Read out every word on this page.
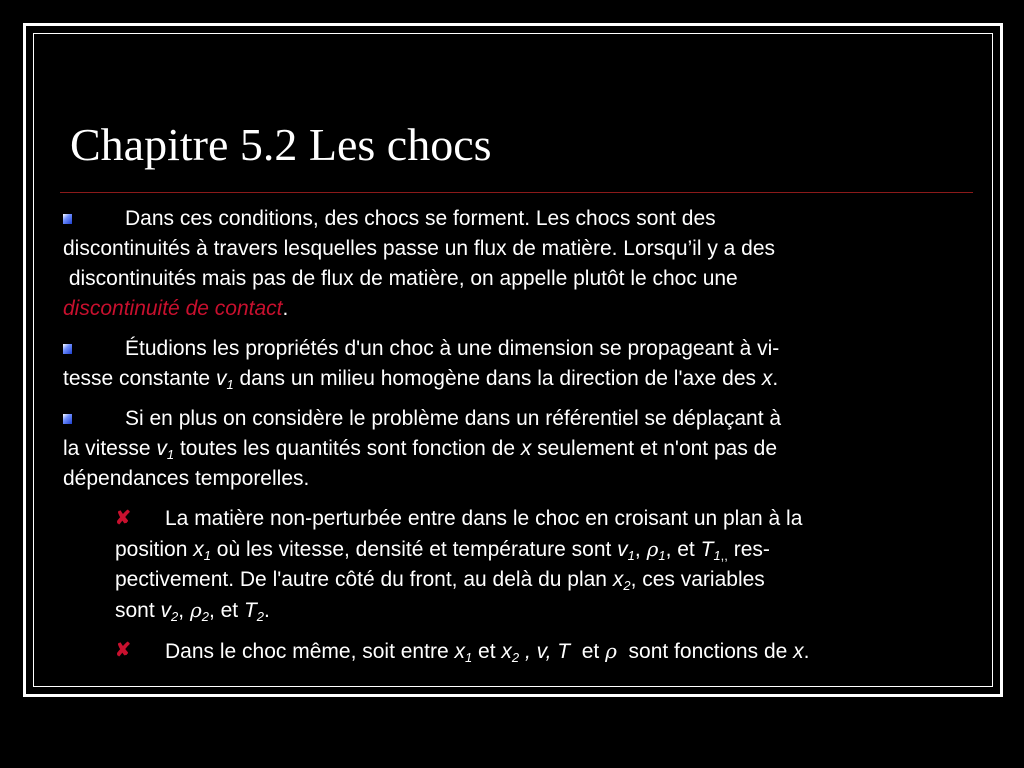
Chapitre 5.2 Les chocs
Dans ces conditions, des chocs se forment. Les chocs sont des
discontinuités à travers lesquelles passe un flux de matière. Lorsqu’il y a des
discontinuités mais pas de flux de matière, on appelle plutôt le choc une
discontinuité de contact.
Étudions les propriétés d'un choc à une dimension se propageant à vi-
tesse constante $v_1$ dans un milieu homogène dans la direction de l'axe des x.
Si en plus on considère le problème dans un référentiel se déplaçant à
la vitesse $v_1$ toutes les quantités sont fonction de x seulement et n'ont pas de
dépendances temporelles.
✘	La matière non-perturbée entre dans le choc en croisant un plan à la
position $x_1$ où les vitesse, densité et température sont $v_1$, $\rho_1$, et $T_{1,,}$ res-
pectivement. De l'autre côté du front, au delà du plan $x_2$, ces variables
sont $v_2$, $\rho_2$, et $T_2$.
✘	Dans le choc même, soit entre $x_1$ et $x_2$ , v, T  et ρ  sont fonctions de x.
